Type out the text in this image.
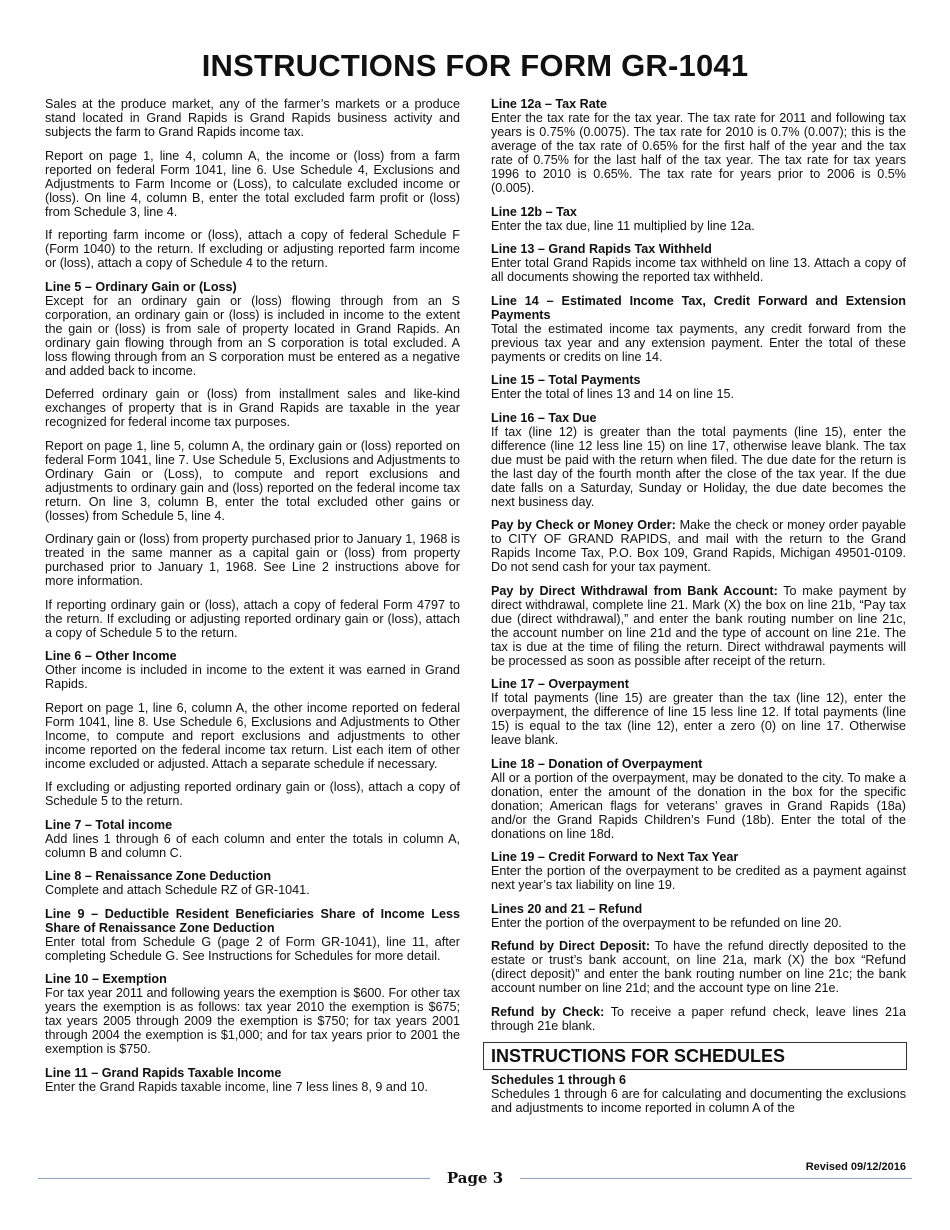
INSTRUCTIONS FOR FORM GR-1041

Sales at the produce market, any of the farmer’s markets or a produce stand located in Grand Rapids is Grand Rapids business activity and subjects the farm to Grand Rapids income tax.

Report on page 1, line 4, column A, the income or (loss) from a farm reported on federal Form 1041, line 6. Use Schedule 4, Exclusions and Adjustments to Farm Income or (Loss), to calculate excluded income or (loss). On line 4, column B, enter the total excluded farm profit or (loss) from Schedule 3, line 4.

If reporting farm income or (loss), attach a copy of federal Schedule F (Form 1040) to the return. If excluding or adjusting reported farm income or (loss), attach a copy of Schedule 4 to the return.

Line 5 – Ordinary Gain or (Loss)
Except for an ordinary gain or (loss) flowing through from an S corporation, an ordinary gain or (loss) is included in income to the extent the gain or (loss) is from sale of property located in Grand Rapids. An ordinary gain flowing through from an S corporation is total excluded. A loss flowing through from an S corporation must be entered as a negative and added back to income.

Deferred ordinary gain or (loss) from installment sales and like-kind exchanges of property that is in Grand Rapids are taxable in the year recognized for federal income tax purposes.

Report on page 1, line 5, column A, the ordinary gain or (loss) reported on federal Form 1041, line 7. Use Schedule 5, Exclusions and Adjustments to Ordinary Gain or (Loss), to compute and report exclusions and adjustments to ordinary gain and (loss) reported on the federal income tax return. On line 3, column B, enter the total excluded other gains or (losses) from Schedule 5, line 4.

Ordinary gain or (loss) from property purchased prior to January 1, 1968 is treated in the same manner as a capital gain or (loss) from property purchased prior to January 1, 1968. See Line 2 instructions above for more information.

If reporting ordinary gain or (loss), attach a copy of federal Form 4797 to the return. If excluding or adjusting reported ordinary gain or (loss), attach a copy of Schedule 5 to the return.

Line 6 – Other Income
Other income is included in income to the extent it was earned in Grand Rapids.

Report on page 1, line 6, column A, the other income reported on federal Form 1041, line 8. Use Schedule 6, Exclusions and Adjustments to Other Income, to compute and report exclusions and adjustments to other income reported on the federal income tax return. List each item of other income excluded or adjusted. Attach a separate schedule if necessary.

If excluding or adjusting reported ordinary gain or (loss), attach a copy of Schedule 5 to the return.

Line 7 – Total income
Add lines 1 through 6 of each column and enter the totals in column A, column B and column C.
Line 8 – Renaissance Zone Deduction
Complete and attach Schedule RZ of GR-1041.
Line 9 – Deductible Resident Beneficiaries Share of Income Less Share of Renaissance Zone Deduction
Enter total from Schedule G (page 2 of Form GR-1041), line 11, after completing Schedule G. See Instructions for Schedules for more detail.
Line 10 – Exemption
For tax year 2011 and following years the exemption is $600. For other tax years the exemption is as follows: tax year 2010 the exemption is $675; tax years 2005 through 2009 the exemption is $750; for tax years 2001 through 2004 the exemption is $1,000; and for tax years prior to 2001 the exemption is $750.
Line 11 – Grand Rapids Taxable Income
Enter the Grand Rapids taxable income, line 7 less lines 8, 9 and 10.
Line 12a – Tax Rate
Enter the tax rate for the tax year. The tax rate for 2011 and following tax years is 0.75% (0.0075). The tax rate for 2010 is 0.7% (0.007); this is the average of the tax rate of 0.65% for the first half of the year and the tax rate of 0.75% for the last half of the tax year. The tax rate for tax years 1996 to 2010 is 0.65%. The tax rate for years prior to 2006 is 0.5% (0.005).
Line 12b – Tax
Enter the tax due, line 11 multiplied by line 12a.
Line 13 – Grand Rapids Tax Withheld
Enter total Grand Rapids income tax withheld on line 13. Attach a copy of all documents showing the reported tax withheld.
Line 14 – Estimated Income Tax, Credit Forward and Extension Payments
Total the estimated income tax payments, any credit forward from the previous tax year and any extension payment. Enter the total of these payments or credits on line 14.
Line 15 – Total Payments
Enter the total of lines 13 and 14 on line 15.
Line 16 – Tax Due
If tax (line 12) is greater than the total payments (line 15), enter the difference (line 12 less line 15) on line 17, otherwise leave blank. The tax due must be paid with the return when filed. The due date for the return is the last day of the fourth month after the close of the tax year. If the due date falls on a Saturday, Sunday or Holiday, the due date becomes the next business day.

Pay by Check or Money Order: Make the check or money order payable to CITY OF GRAND RAPIDS, and mail with the return to the Grand Rapids Income Tax, P.O. Box 109, Grand Rapids, Michigan 49501-0109. Do not send cash for your tax payment.

Pay by Direct Withdrawal from Bank Account: To make payment by direct withdrawal, complete line 21. Mark (X) the box on line 21b, “Pay tax due (direct withdrawal),” and enter the bank routing number on line 21c, the account number on line 21d and the type of account on line 21e. The tax is due at the time of filing the return. Direct withdrawal payments will be processed as soon as possible after receipt of the return.

Line 17 – Overpayment
If total payments (line 15) are greater than the tax (line 12), enter the overpayment, the difference of line 15 less line 12. If total payments (line 15) is equal to the tax (line 12), enter a zero (0) on line 17. Otherwise leave blank.
Line 18 – Donation of Overpayment
All or a portion of the overpayment, may be donated to the city. To make a donation, enter the amount of the donation in the box for the specific donation; American flags for veterans’ graves in Grand Rapids (18a) and/or the Grand Rapids Children’s Fund (18b). Enter the total of the donations on line 18d.
Line 19 – Credit Forward to Next Tax Year
Enter the portion of the overpayment to be credited as a payment against next year’s tax liability on line 19.
Lines 20 and 21 – Refund
Enter the portion of the overpayment to be refunded on line 20.

Refund by Direct Deposit: To have the refund directly deposited to the estate or trust’s bank account, on line 21a, mark (X) the box “Refund (direct deposit)” and enter the bank routing number on line 21c; the bank account number on line 21d; and the account type on line 21e.

Refund by Check: To receive a paper refund check, leave lines 21a through 21e blank.

INSTRUCTIONS FOR SCHEDULES
Schedules 1 through 6
Schedules 1 through 6 are for calculating and documenting the exclusions and adjustments to income reported in column A of the
Revised 09/12/2016
Page 3
